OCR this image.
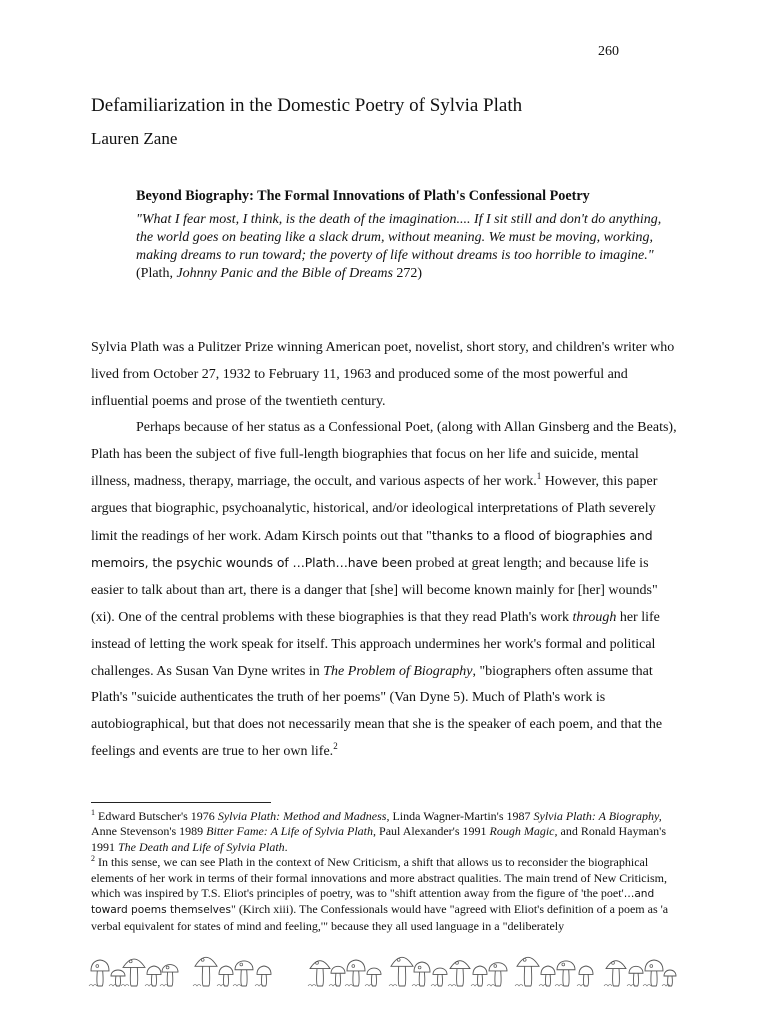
260
Defamiliarization in the Domestic Poetry of Sylvia Plath
Lauren Zane
Beyond Biography: The Formal Innovations of Plath's Confessional Poetry
"What I fear most, I think, is the death of the imagination.... If I sit still and don't do anything, the world goes on beating like a slack drum, without meaning. We must be moving, working, making dreams to run toward; the poverty of life without dreams is too horrible to imagine." (Plath, Johnny Panic and the Bible of Dreams 272)

Sylvia Plath was a Pulitzer Prize winning American poet, novelist, short story, and children's writer who lived from October 27, 1932 to February 11, 1963 and produced some of the most powerful and influential poems and prose of the twentieth century.

Perhaps because of her status as a Confessional Poet, (along with Allan Ginsberg and the Beats), Plath has been the subject of five full-length biographies that focus on her life and suicide, mental illness, madness, therapy, marriage, the occult, and various aspects of her work.$^1$ However, this paper argues that biographic, psychoanalytic, historical, and/or ideological interpretations of Plath severely limit the readings of her work. Adam Kirsch points out that "thanks to a flood of biographies and memoirs, the psychic wounds of …Plath…have been probed at great length; and because life is easier to talk about than art, there is a danger that [she] will become known mainly for [her] wounds" (xi). One of the central problems with these biographies is that they read Plath's work through her life instead of letting the work speak for itself. This approach undermines her work's formal and political challenges. As Susan Van Dyne writes in The Problem of Biography, "biographers often assume that Plath's "suicide authenticates the truth of her poems" (Van Dyne 5). Much of Plath's work is autobiographical, but that does not necessarily mean that she is the speaker of each poem, and that the feelings and events are true to her own life.$^2$

$^1$ Edward Butscher's 1976 Sylvia Plath: Method and Madness, Linda Wagner-Martin's 1987 Sylvia Plath: A Biography, Anne Stevenson's 1989 Bitter Fame: A Life of Sylvia Plath, Paul Alexander's 1991 Rough Magic, and Ronald Hayman's 1991 The Death and Life of Sylvia Plath.

$^2$ In this sense, we can see Plath in the context of New Criticism, a shift that allows us to reconsider the biographical elements of her work in terms of their formal innovations and more abstract qualities. The main trend of New Criticism, which was inspired by T.S. Eliot's principles of poetry, was to "shift attention away from the figure of 'the poet'…and toward poems themselves" (Kirch xiii). The Confessionals would have "agreed with Eliot's definition of a poem as 'a verbal equivalent for states of mind and feeling,'" because they all used language in a "deliberately
